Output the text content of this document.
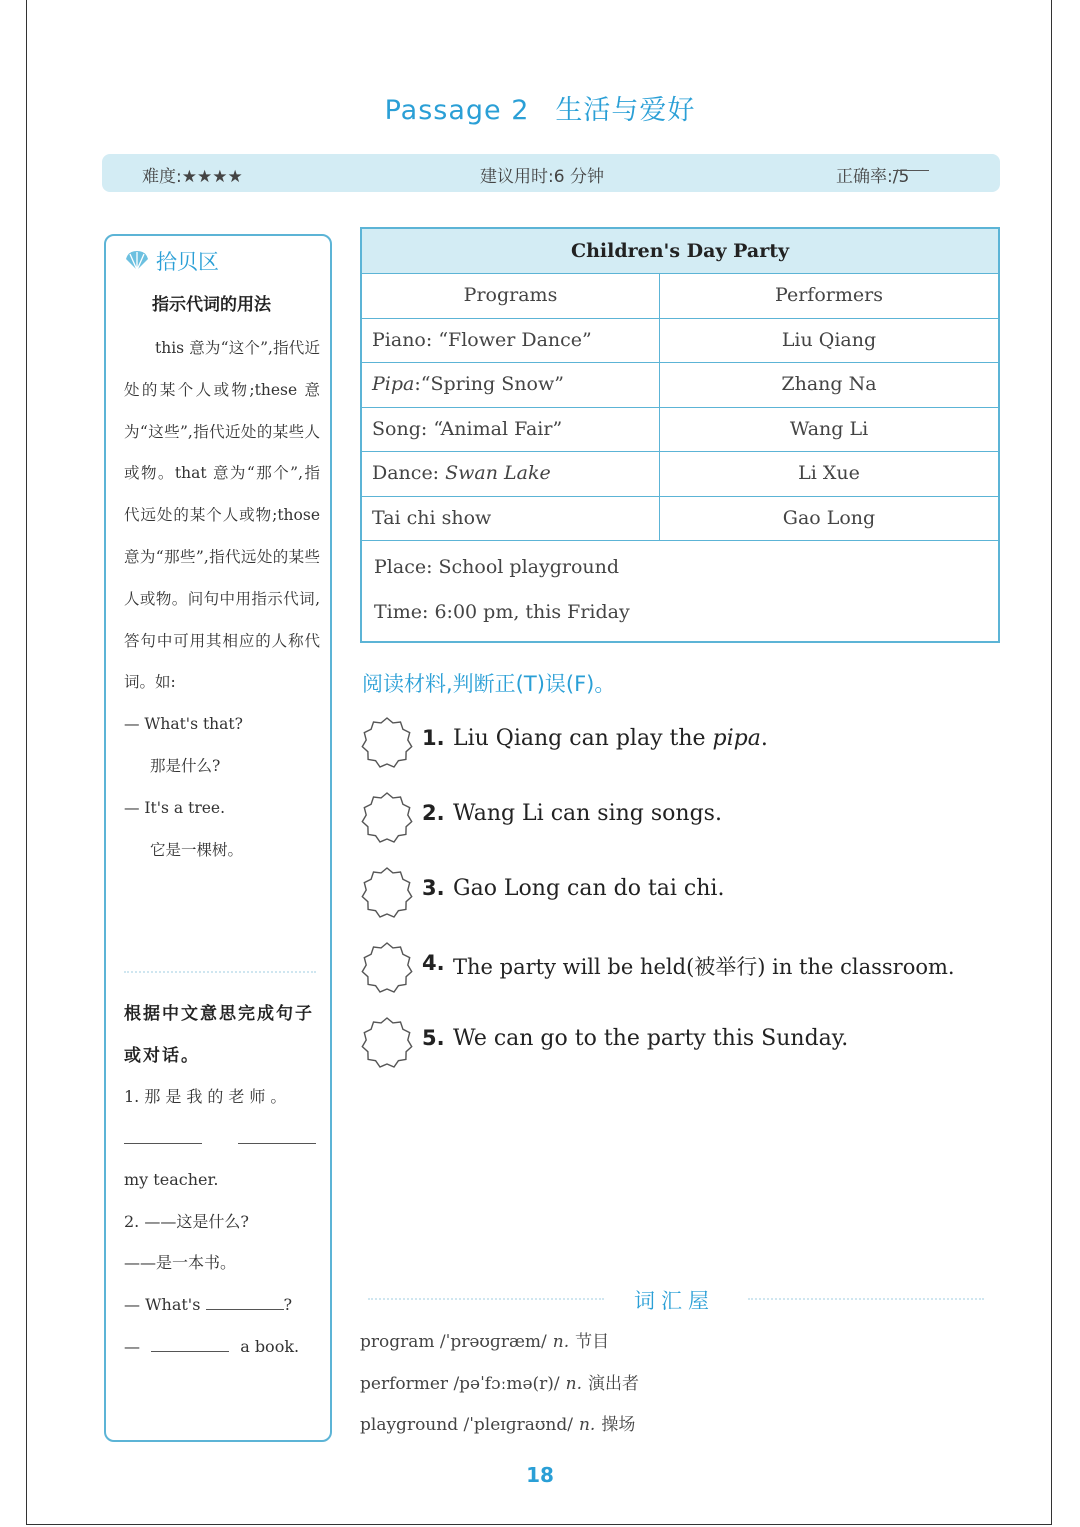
Passage 2 生活与爱好
难度:★★★★	建议用时:6 分钟	正确率:
/5
拾贝区
指示代词的用法

this 意为“这个”,指代近处的某个人或物;these 意为“这些”,指代近处的某些人或物。that 意为“那个”,指代远处的某个人或物;those 意为“那些”,指代远处的某些人或物。问句中用指示代词,答句中可用其相应的人称代词。如:

— What's that?
那是什么?
— It's a tree.
它是一棵树。
根据中文意思完成句子或对话。
1. 那是我的老师。
my teacher.
2. ——这是什么?
——是一本书。
— What's	?
—	a book.
Children's Day Party
Programs	Performers
Piano: “Flower Dance”	Liu Qiang
Pipa:“Spring Snow”	Zhang Na
Song: “Animal Fair”	Wang Li
Dance: Swan Lake	Li Xue
Tai chi show	Gao Long
Place: School playground
Time: 6:00 pm, this Friday
阅读材料,判断正(T)误(F)。
1. Liu Qiang can play the pipa.
2. Wang Li can sing songs.
3. Gao Long can do tai chi.
4. The party will be held(被举行) in the classroom.
5. We can go to the party this Sunday.
词汇屋
program /ˈprəʊɡræm/ n. 节目
performer /pəˈfɔːmə(r)/ n. 演出者
playground /ˈpleɪɡraʊnd/ n. 操场
18
